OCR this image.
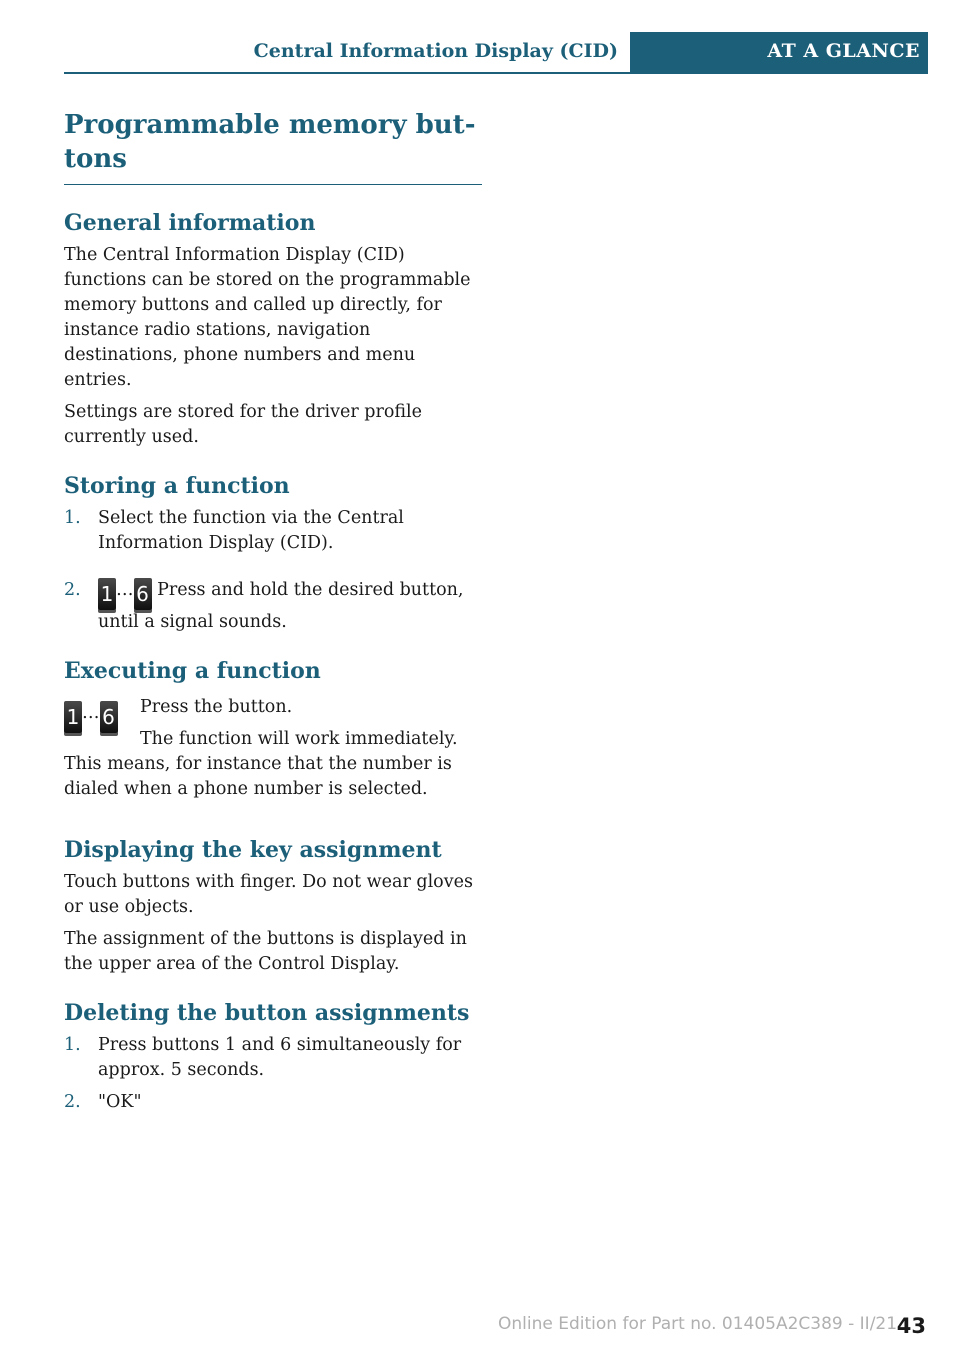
Central Information Display (CID)	AT A GLANCE
Programmable memory but-
tons
General information

The Central Information Display (CID) functions can be stored on the programmable memory buttons and called up directly, for instance radio stations, navigation destinations, phone numbers and menu entries.

Settings are stored for the driver profile currently used.

Storing a function
1. Select the function via the Central Information Display (CID).
2. 1 … 6 Press and hold the desired button, until a signal sounds.
Executing a function
1 … 6 Press the button.

The function will work immediately. This means, for instance that the number is dialed when a phone number is selected.

Displaying the key assignment

Touch buttons with finger. Do not wear gloves or use objects.

The assignment of the buttons is displayed in the upper area of the Control Display.

Deleting the button assignments
1. Press buttons 1 and 6 simultaneously for approx. 5 seconds.
2. "OK"
Online Edition for Part no. 01405A2C389 - II/21 43
